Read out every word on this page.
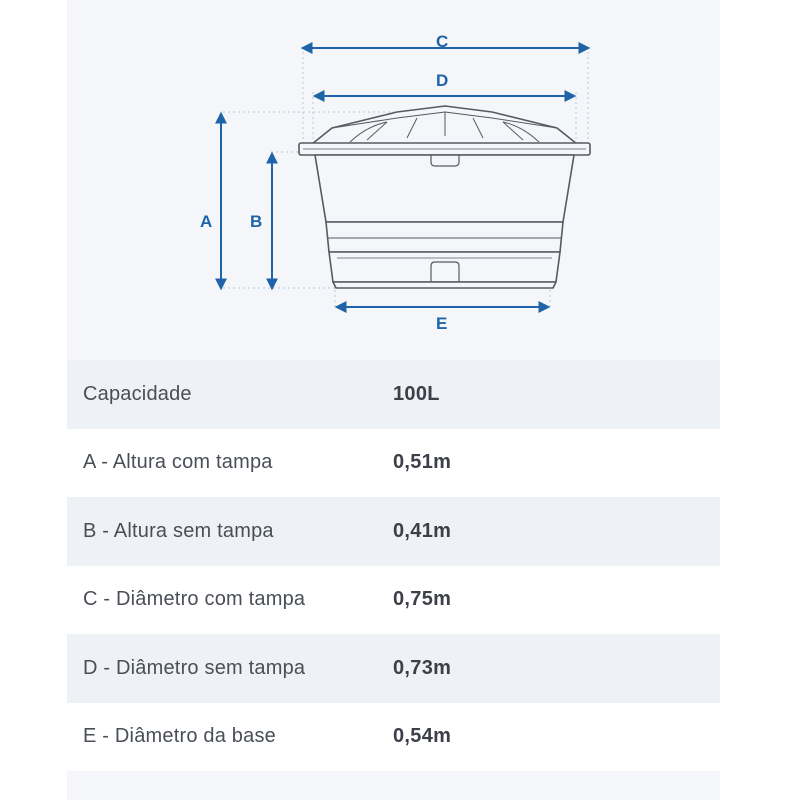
C
D
A B
E
Capacidade	100L
A - Altura com tampa	0,51m
B - Altura sem tampa	0,41m
C - Diâmetro com tampa	0,75m
D - Diâmetro sem tampa	0,73m
E - Diâmetro da base	0,54m
